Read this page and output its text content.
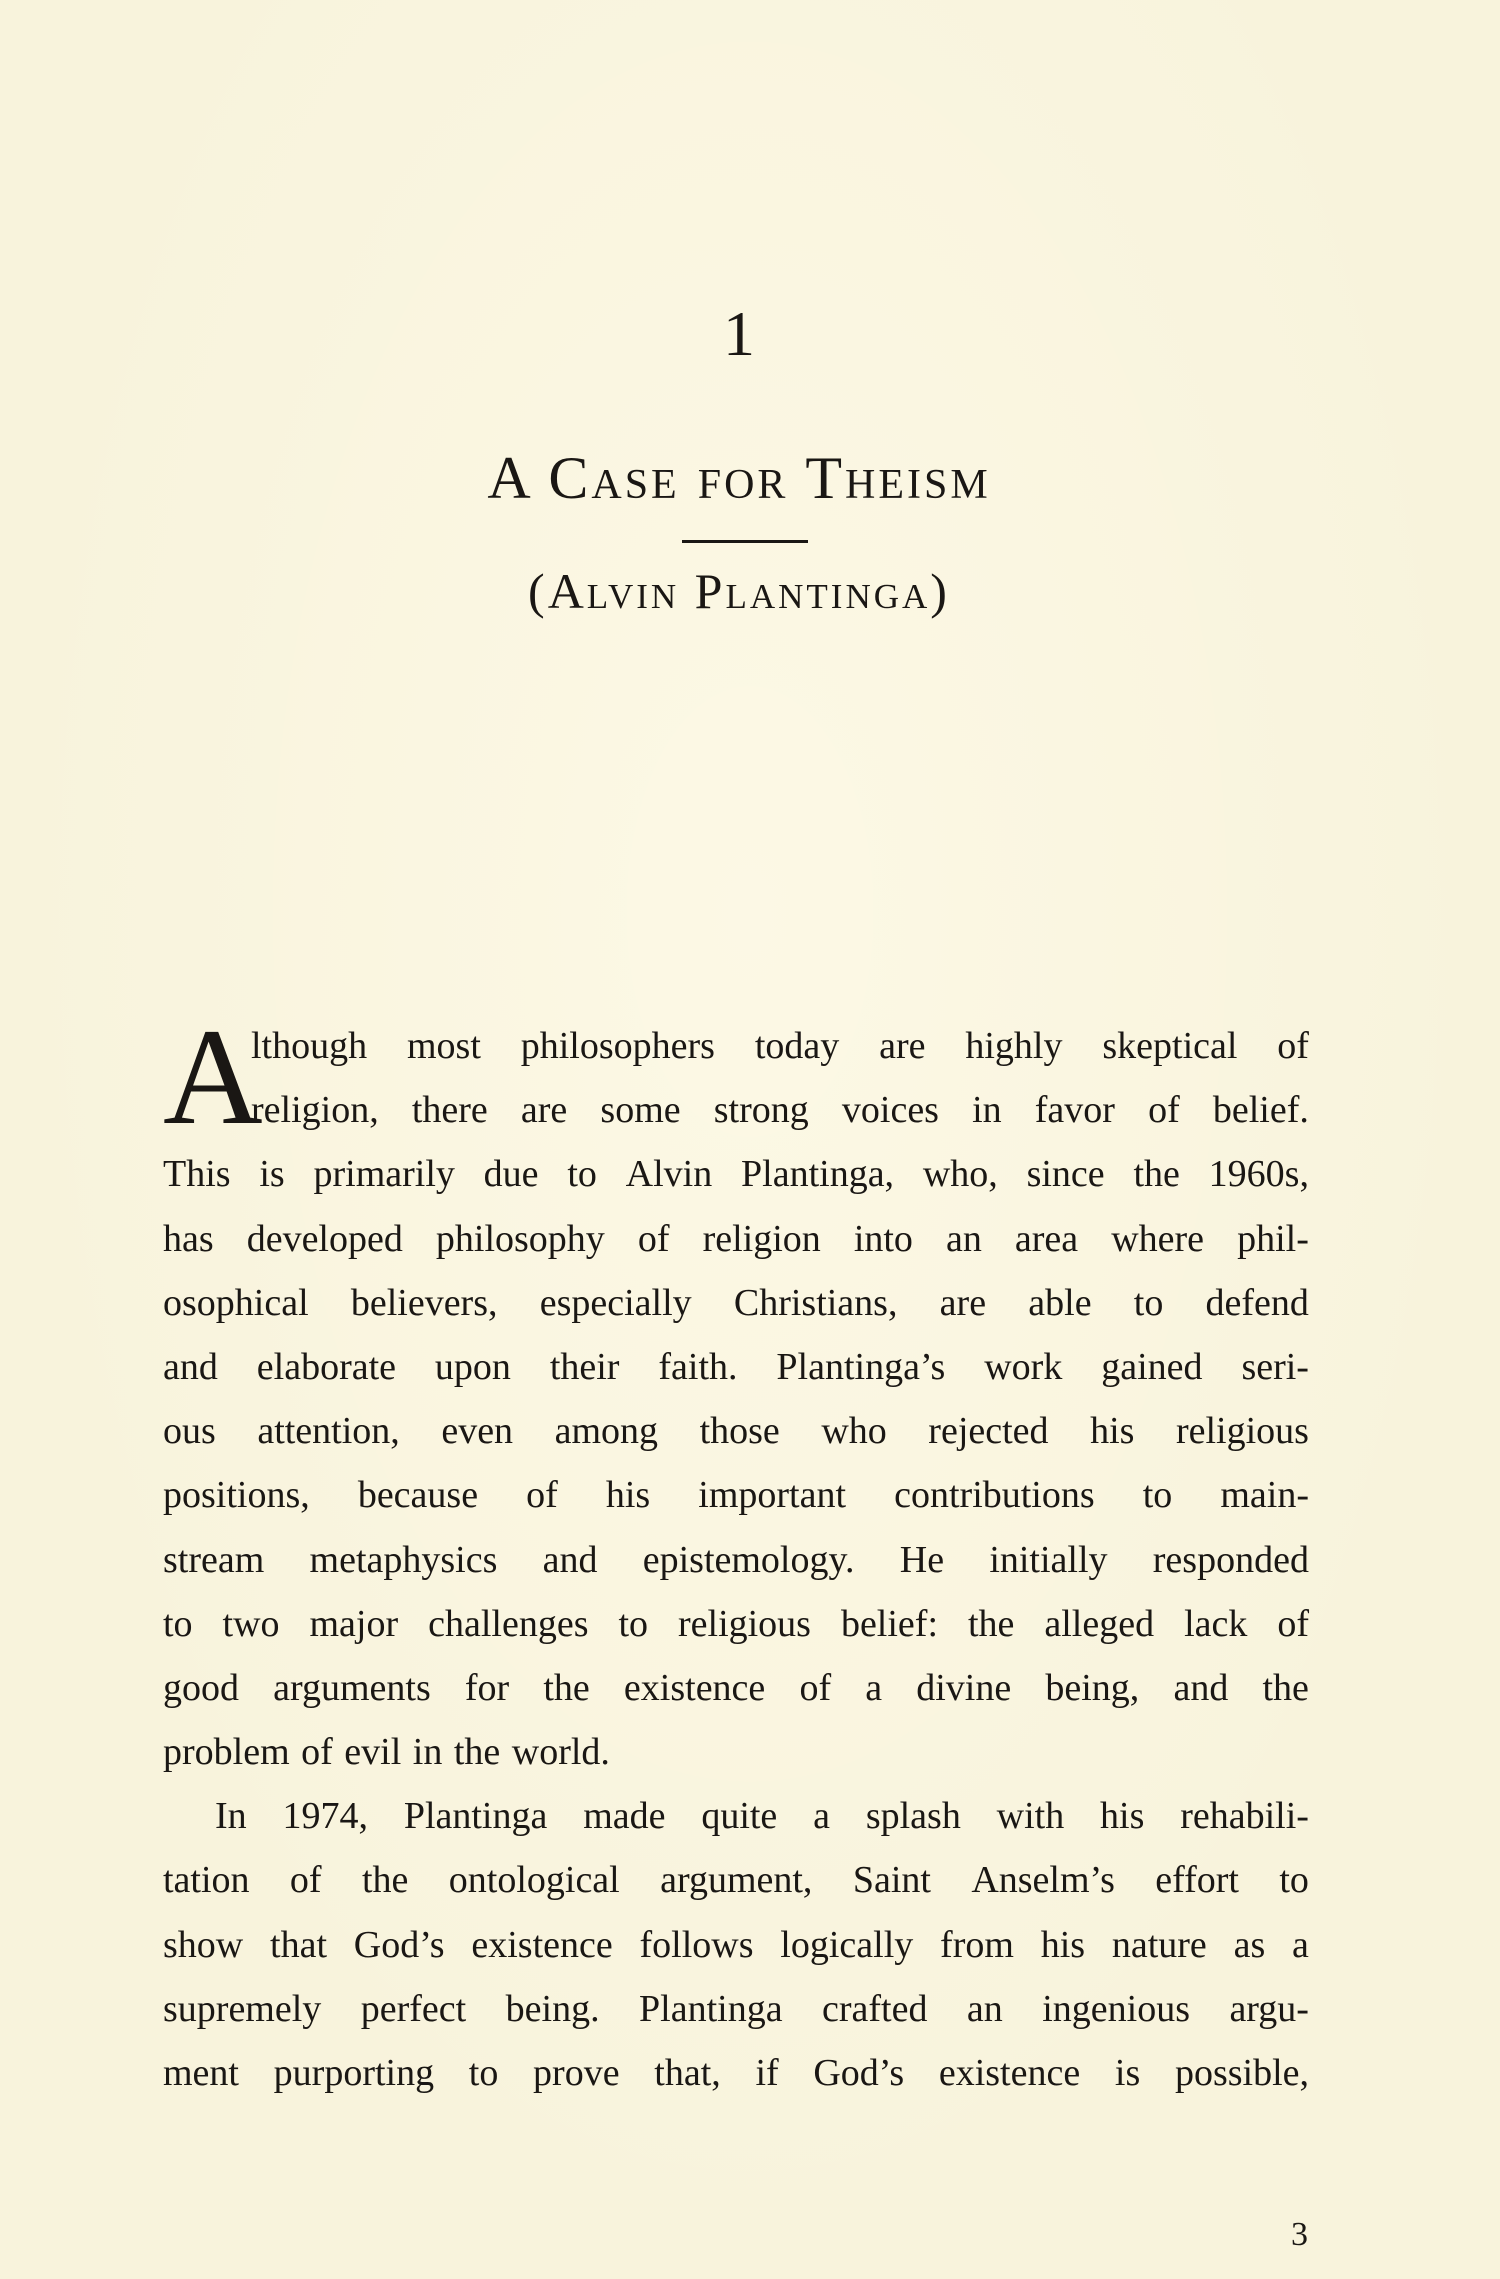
1
A Case for Theism
(Alvin Plantinga)
A
lthough most philosophers today are highly skeptical of
religion, there are some strong voices in favor of belief.
This is primarily due to Alvin Plantinga, who, since the 1960s,
has developed philosophy of religion into an area where phil-
osophical believers, especially Christians, are able to defend
and elaborate upon their faith. Plantinga’s work gained seri-
ous attention, even among those who rejected his religious
positions, because of his important contributions to main-
stream metaphysics and epistemology. He initially responded
to two major challenges to religious belief: the alleged lack of
good arguments for the existence of a divine being, and the
problem of evil in the world.
In 1974, Plantinga made quite a splash with his rehabili-
tation of the ontological argument, Saint Anselm’s effort to
show that God’s existence follows logically from his nature as a
supremely perfect being. Plantinga crafted an ingenious argu-
ment purporting to prove that, if God’s existence is possible,
3
